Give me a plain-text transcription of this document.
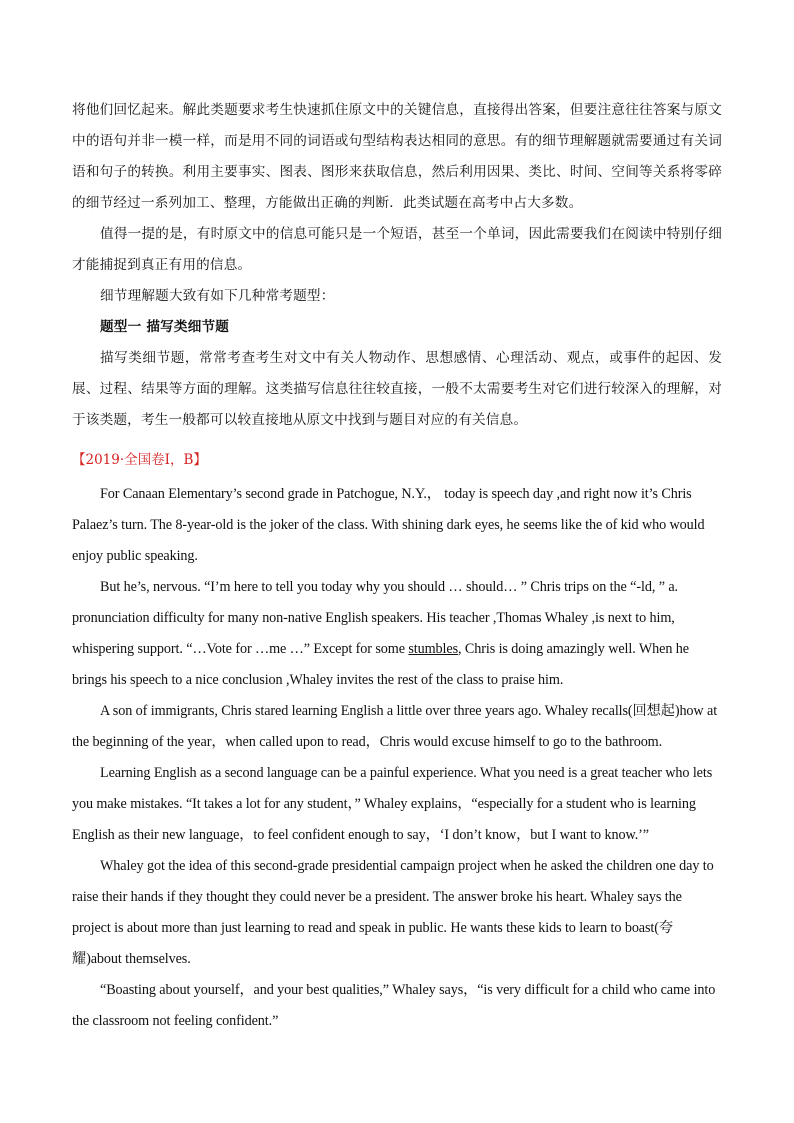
将他们回忆起来。解此类题要求考生快速抓住原文中的关键信息，直接得出答案，但要注意往往答案与原文中的语句并非一模一样，而是用不同的词语或句型结构表达相同的意思。有的细节理解题就需要通过有关词语和句子的转换。利用主要事实、图表、图形来获取信息，然后利用因果、类比、时间、空间等关系将零碎的细节经过一系列加工、整理，方能做出正确的判断．此类试题在高考中占大多数。

值得一提的是，有时原文中的信息可能只是一个短语，甚至一个单词，因此需要我们在阅读中特别仔细才能捕捉到真正有用的信息。

细节理解题大致有如下几种常考题型：

题型一 描写类细节题

描写类细节题，常常考查考生对文中有关人物动作、思想感情、心理活动、观点，或事件的起因、发展、过程、结果等方面的理解。这类描写信息往往较直接，一般不太需要考生对它们进行较深入的理解，对于该类题，考生一般都可以较直接地从原文中找到与题目对应的有关信息。

【2019·全国卷Ⅰ，B】

For Canaan Elementary’s second grade in Patchogue, N.Y.， today is speech day ,and right now it’s Chris Palaez’s turn. The 8-year-old is the joker of the class. With shining dark eyes, he seems like the of kid who would enjoy public speaking.

But he’s, nervous. “I’m here to tell you today why you should … should… ” Chris trips on the “-ld, ” a. pronunciation difficulty for many non-native English speakers. His teacher ,Thomas Whaley ,is next to him, whispering support. “…Vote for …me …” Except for some stumbles, Chris is doing amazingly well. When he brings his speech to a nice conclusion ,Whaley invites the rest of the class to praise him.

A son of immigrants, Chris stared learning English a little over three years ago. Whaley recalls(回想起)how at the beginning of the year，when called upon to read，Chris would excuse himself to go to the bathroom.

Learning English as a second language can be a painful experience. What you need is a great teacher who lets you make mistakes. “It takes a lot for any student，” Whaley explains，“especially for a student who is learning English as their new language，to feel confident enough to say，‘I don’t know，but I want to know.’”

Whaley got the idea of this second-grade presidential campaign project when he asked the children one day to raise their hands if they thought they could never be a president. The answer broke his heart. Whaley says the project is about more than just learning to read and speak in public. He wants these kids to learn to boast(夸耀)about themselves.

“Boasting about yourself，and your best qualities,” Whaley says，“is very difficult for a child who came into the classroom not feeling confident.”
